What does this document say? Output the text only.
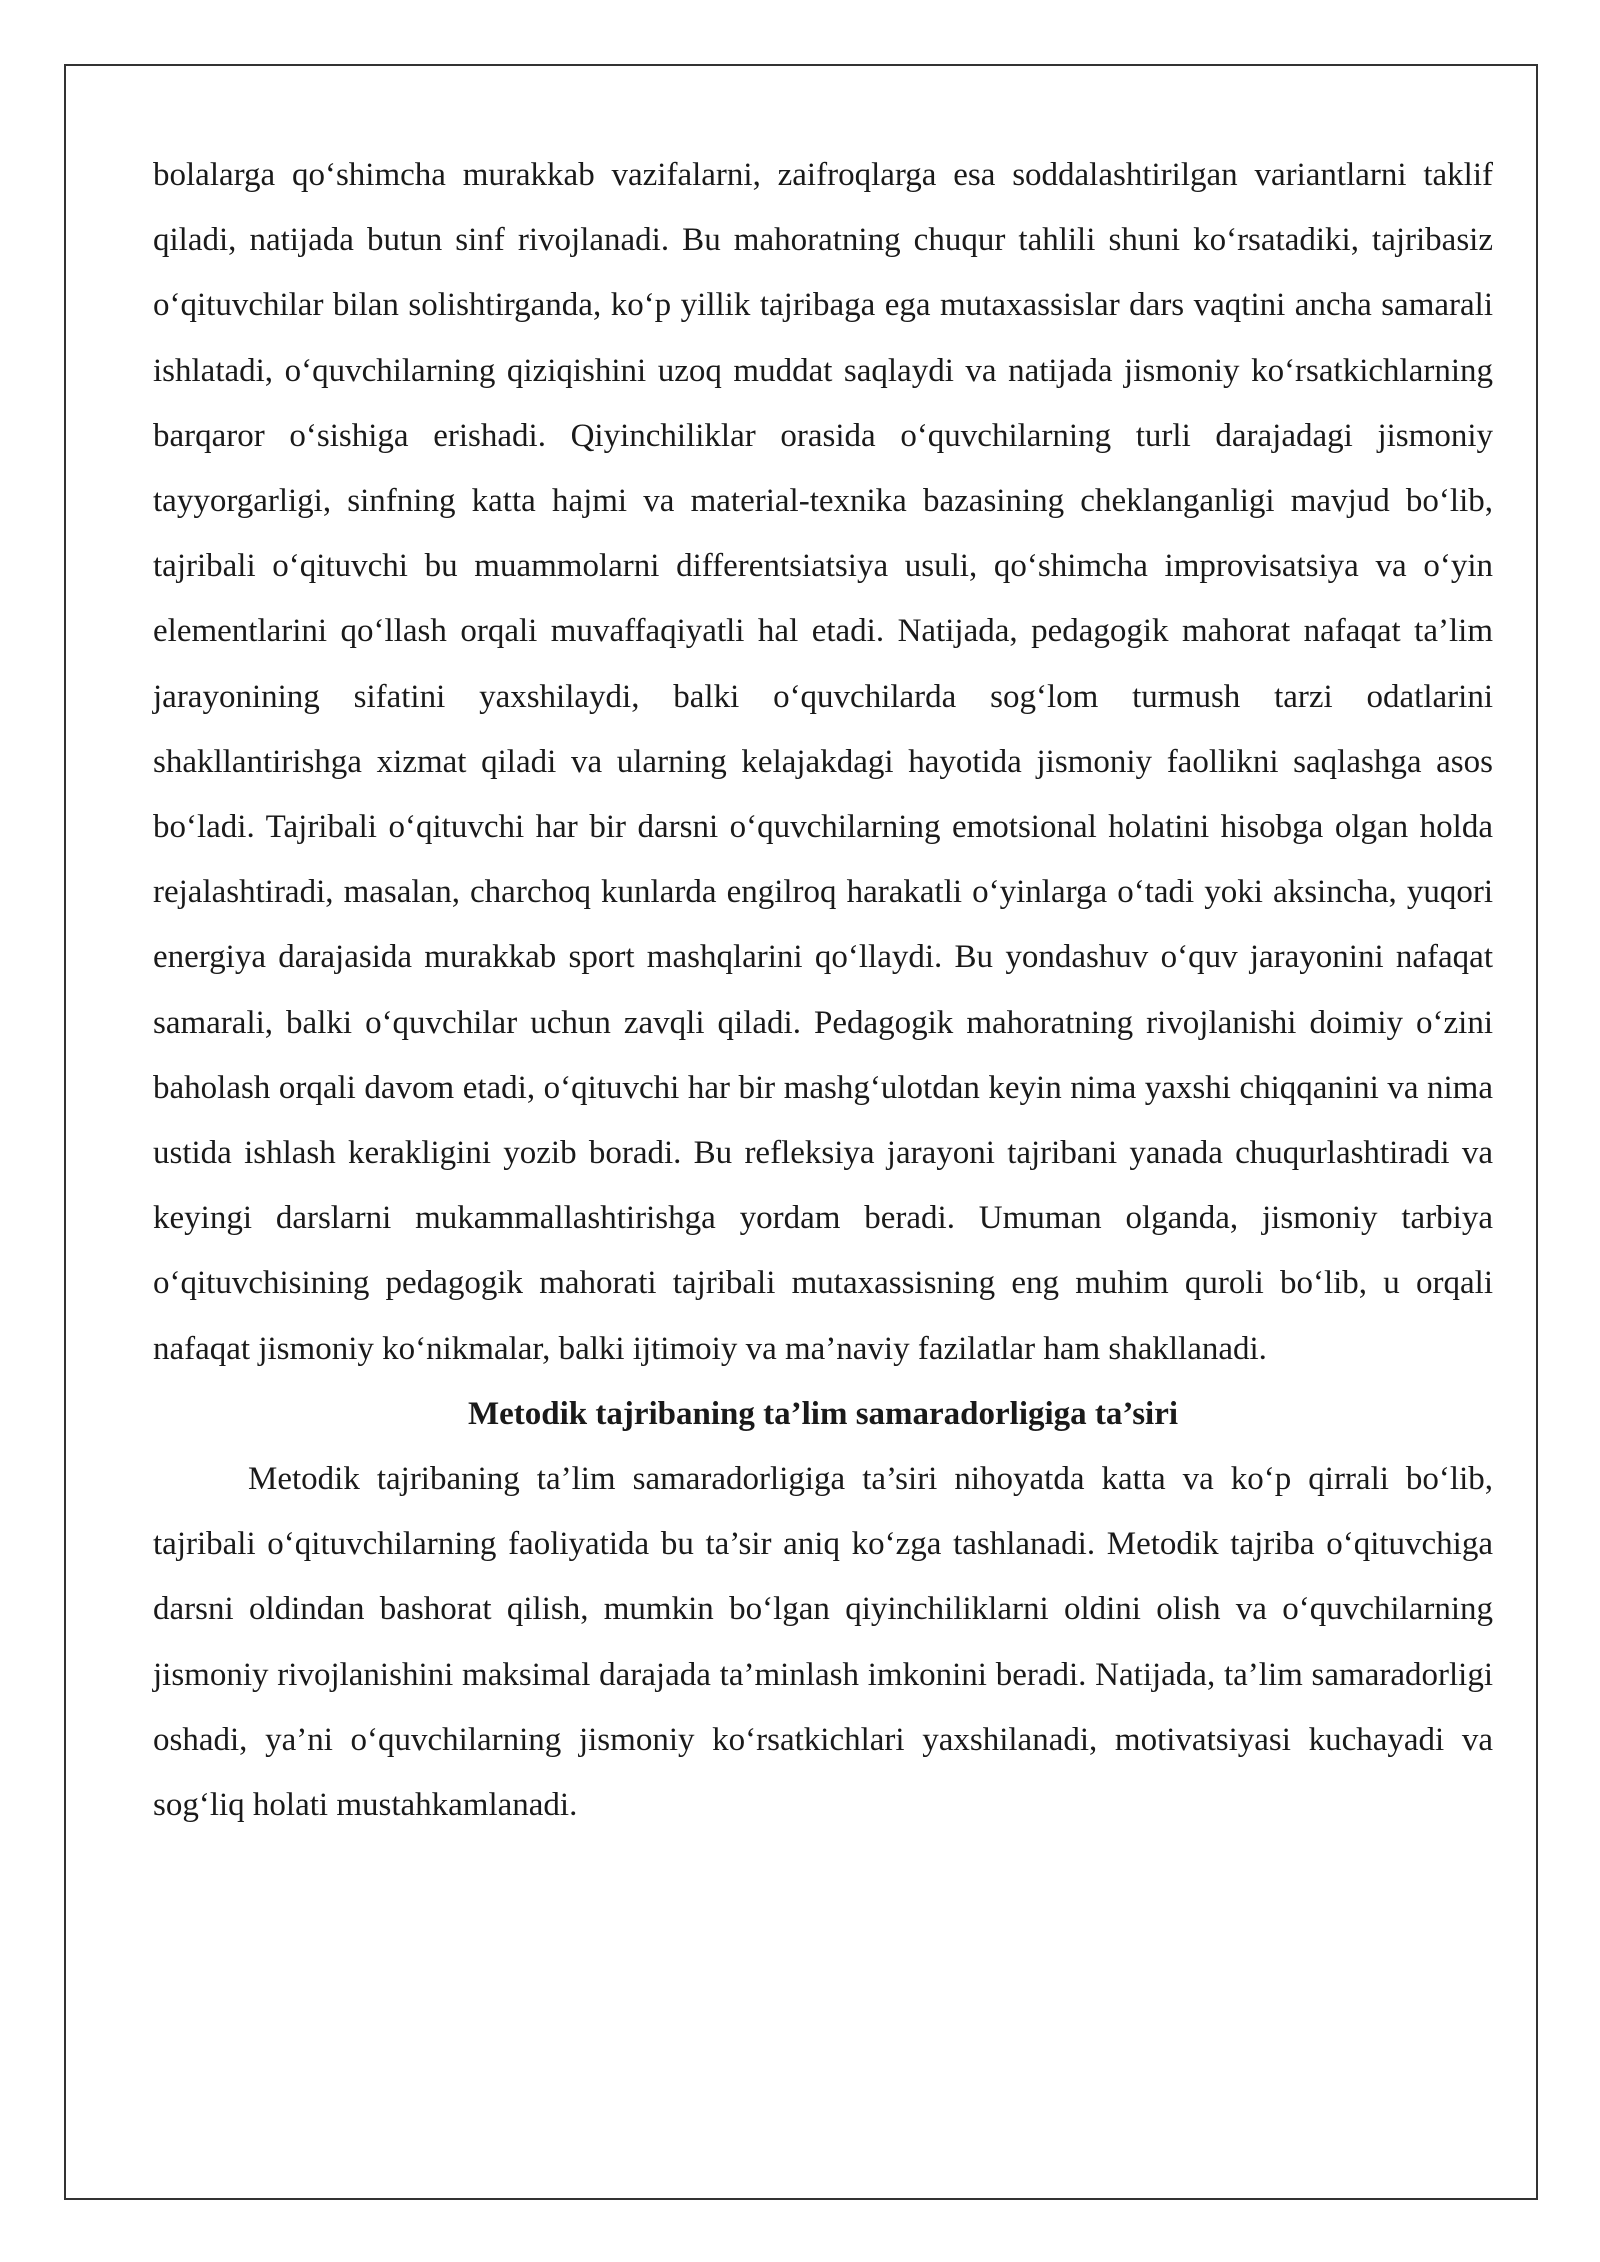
bolalarga qo‘shimcha murakkab vazifalarni, zaifroqlarga esa soddalashtirilgan variantlarni taklif qiladi, natijada butun sinf rivojlanadi. Bu mahoratning chuqur tahlili shuni ko‘rsatadiki, tajribasiz o‘qituvchilar bilan solishtirganda, ko‘p yillik tajribaga ega mutaxassislar dars vaqtini ancha samarali ishlatadi, o‘quvchilarning qiziqishini uzoq muddat saqlaydi va natijada jismoniy ko‘rsatkichlarning barqaror o‘sishiga erishadi. Qiyinchiliklar orasida o‘quvchilarning turli darajadagi jismoniy tayyorgarligi, sinfning katta hajmi va material-texnika bazasining cheklanganligi mavjud bo‘lib, tajribali o‘qituvchi bu muammolarni differentsiatsiya usuli, qo‘shimcha improvisatsiya va o‘yin elementlarini qo‘llash orqali muvaffaqiyatli hal etadi. Natijada, pedagogik mahorat nafaqat ta’lim jarayonining sifatini yaxshilaydi, balki o‘quvchilarda sog‘lom turmush tarzi odatlarini shakllantirishga xizmat qiladi va ularning kelajakdagi hayotida jismoniy faollikni saqlashga asos bo‘ladi. Tajribali o‘qituvchi har bir darsni o‘quvchilarning emotsional holatini hisobga olgan holda rejalashtiradi, masalan, charchoq kunlarda engilroq harakatli o‘yinlarga o‘tadi yoki aksincha, yuqori energiya darajasida murakkab sport mashqlarini qo‘llaydi. Bu yondashuv o‘quv jarayonini nafaqat samarali, balki o‘quvchilar uchun zavqli qiladi. Pedagogik mahoratning rivojlanishi doimiy o‘zini baholash orqali davom etadi, o‘qituvchi har bir mashg‘ulotdan keyin nima yaxshi chiqqanini va nima ustida ishlash kerakligini yozib boradi. Bu refleksiya jarayoni tajribani yanada chuqurlashtiradi va keyingi darslarni mukammallashtirishga yordam beradi. Umuman olganda, jismoniy tarbiya o‘qituvchisining pedagogik mahorati tajribali mutaxassisning eng muhim quroli bo‘lib, u orqali nafaqat jismoniy ko‘nikmalar, balki ijtimoiy va ma’naviy fazilatlar ham shakllanadi.

Metodik tajribaning ta’lim samaradorligiga ta’siri

Metodik tajribaning ta’lim samaradorligiga ta’siri nihoyatda katta va ko‘p qirrali bo‘lib, tajribali o‘qituvchilarning faoliyatida bu ta’sir aniq ko‘zga tashlanadi. Metodik tajriba o‘qituvchiga darsni oldindan bashorat qilish, mumkin bo‘lgan qiyinchiliklarni oldini olish va o‘quvchilarning jismoniy rivojlanishini maksimal darajada ta’minlash imkonini beradi. Natijada, ta’lim samaradorligi oshadi, ya’ni o‘quvchilarning jismoniy ko‘rsatkichlari yaxshilanadi, motivatsiyasi kuchayadi va sog‘liq holati mustahkamlanadi.
